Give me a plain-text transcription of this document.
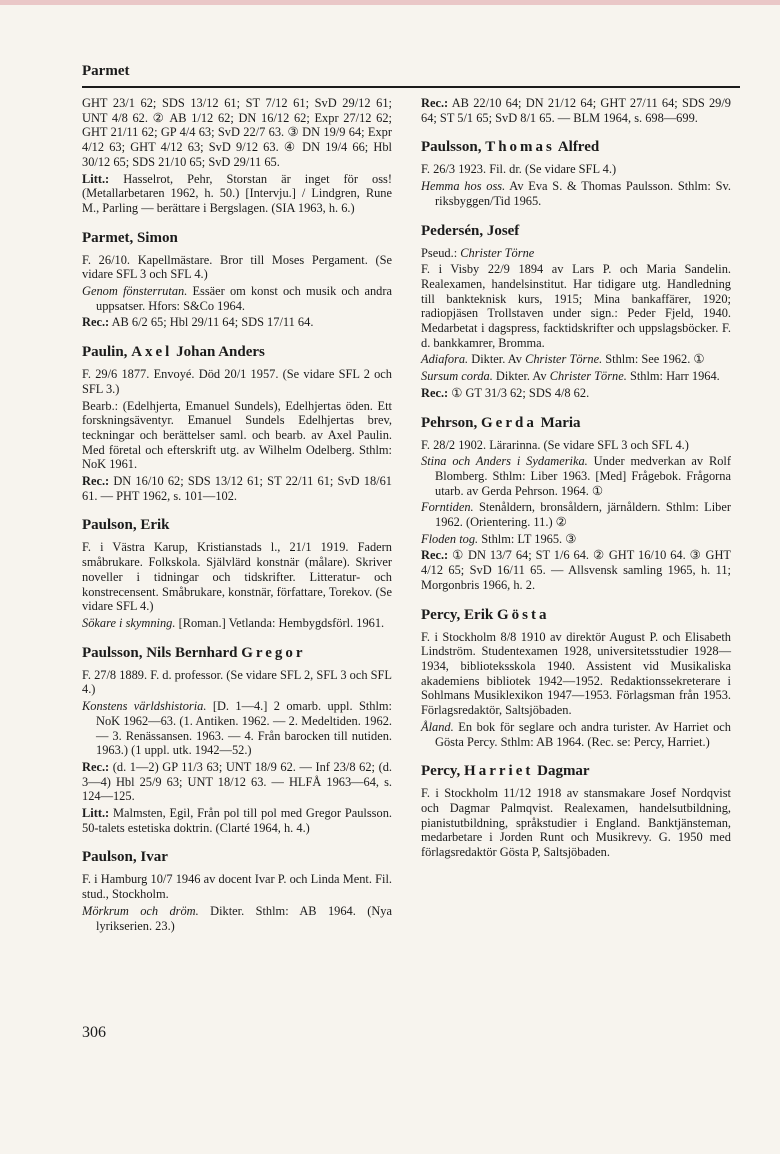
Parmet

GHT 23/1 62; SDS 13/12 61; ST 7/12 61; SvD 29/12 61; UNT 4/8 62. ② AB 1/12 62; DN 16/12 62; Expr 27/12 62; GHT 21/11 62; GP 4/4 63; SvD 22/7 63. ③ DN 19/9 64; Expr 4/12 63; GHT 4/12 63; SvD 9/12 63. ④ DN 19/4 66; Hbl 30/12 65; SDS 21/10 65; SvD 29/11 65.

Litt.: Hasselrot, Pehr, Storstan är inget för oss! (Metallarbetaren 1962, h. 50.) [Intervju.] / Lindgren, Rune M., Parling — berättare i Bergslagen. (SIA 1963, h. 6.)

Parmet, Simon

F. 26/10. Kapellmästare. Bror till Moses Pergament. (Se vidare SFL 3 och SFL 4.)

Genom fönsterrutan. Essäer om konst och musik och andra uppsatser. Hfors: S&Co 1964.

Rec.: AB 6/2 65; Hbl 29/11 64; SDS 17/11 64.

Paulin, Axel Johan Anders

F. 29/6 1877. Envoyé. Död 20/1 1957. (Se vidare SFL 2 och SFL 3.)

Bearb.: (Edelhjerta, Emanuel Sundels), Edelhjertas öden. Ett forskningsäventyr. Emanuel Sundels Edelhjertas brev, teckningar och berättelser saml. och bearb. av Axel Paulin. Med företal och efterskrift utg. av Wilhelm Odelberg. Sthlm: NoK 1961.

Rec.: DN 16/10 62; SDS 13/12 61; ST 22/11 61; SvD 18/61 61. — PHT 1962, s. 101—102.

Paulson, Erik

F. i Västra Karup, Kristianstads l., 21/1 1919. Fadern småbrukare. Folkskola. Självlärd konstnär (målare). Skriver noveller i tidningar och tidskrifter. Litteratur- och konstrecensent. Småbrukare, konstnär, författare, Torekov. (Se vidare SFL 4.)

Sökare i skymning. [Roman.] Vetlanda: Hembygdsförl. 1961.

Paulsson, Nils Bernhard Gregor

F. 27/8 1889. F. d. professor. (Se vidare SFL 2, SFL 3 och SFL 4.)

Konstens världshistoria. [D. 1—4.] 2 omarb. uppl. Sthlm: NoK 1962—63. (1. Antiken. 1962. — 2. Medeltiden. 1962. — 3. Renässansen. 1963. — 4. Från barocken till nutiden. 1963.) (1 uppl. utk. 1942—52.)

Rec.: (d. 1—2) GP 11/3 63; UNT 18/9 62. — Inf 23/8 62; (d. 3—4) Hbl 25/9 63; UNT 18/12 63. — HLFÅ 1963—64, s. 124—125.

Litt.: Malmsten, Egil, Från pol till pol med Gregor Paulsson. 50-talets estetiska doktrin. (Clarté 1964, h. 4.)

Paulson, Ivar

F. i Hamburg 10/7 1946 av docent Ivar P. och Linda Ment. Fil. stud., Stockholm.

Mörkrum och dröm. Dikter. Sthlm: AB 1964. (Nya lyrikserien. 23.)

Rec.: AB 22/10 64; DN 21/12 64; GHT 27/11 64; SDS 29/9 64; ST 5/1 65; SvD 8/1 65. — BLM 1964, s. 698—699.

Paulsson, Thomas Alfred

F. 26/3 1923. Fil. dr. (Se vidare SFL 4.)

Hemma hos oss. Av Eva S. & Thomas Paulsson. Sthlm: Sv. riksbyggen/Tid 1965.

Pedersén, Josef

Pseud.: Christer Törne

F. i Visby 22/9 1894 av Lars P. och Maria Sandelin. Realexamen, handelsinstitut. Har tidigare utg. Handledning till bankteknisk kurs, 1915; Mina bankaffärer, 1920; radiopjäsen Trollstaven under sign.: Peder Fjeld, 1940. Medarbetat i dagspress, facktidskrifter och uppslagsböcker. F. d. bankkamrer, Bromma.

Adiafora. Dikter. Av Christer Törne. Sthlm: See 1962. ①

Sursum corda. Dikter. Av Christer Törne. Sthlm: Harr 1964.

Rec.: ① GT 31/3 62; SDS 4/8 62.

Pehrson, Gerda Maria

F. 28/2 1902. Lärarinna. (Se vidare SFL 3 och SFL 4.)

Stina och Anders i Sydamerika. Under medverkan av Rolf Blomberg. Sthlm: Liber 1963. [Med] Frågebok. Frågorna utarb. av Gerda Pehrson. 1964. ①

Forntiden. Stenåldern, bronsåldern, järnåldern. Sthlm: Liber 1962. (Orientering. 11.) ②

Floden tog. Sthlm: LT 1965. ③

Rec.: ① DN 13/7 64; ST 1/6 64. ② GHT 16/10 64. ③ GHT 4/12 65; SvD 16/11 65. — Allsvensk samling 1965, h. 11; Morgonbris 1966, h. 2.

Percy, Erik Gösta

F. i Stockholm 8/8 1910 av direktör August P. och Elisabeth Lindström. Studentexamen 1928, universitetsstudier 1928—1934, biblioteksskola 1940. Assistent vid Musikaliska akademiens bibliotek 1942—1952. Redaktionssekreterare i Sohlmans Musiklexikon 1947—1953. Förlagsman från 1953. Förlagsredaktör, Saltsjöbaden.

Åland. En bok för seglare och andra turister. Av Harriet och Gösta Percy. Sthlm: AB 1964. (Rec. se: Percy, Harriet.)

Percy, Harriet Dagmar

F. i Stockholm 11/12 1918 av stansmakare Josef Nordqvist och Dagmar Palmqvist. Realexamen, handelsutbildning, pianistutbildning, språkstudier i England. Banktjänsteman, medarbetare i Jorden Runt och Musikrevy. G. 1950 med förlagsredaktör Gösta P, Saltsjöbaden.

306
